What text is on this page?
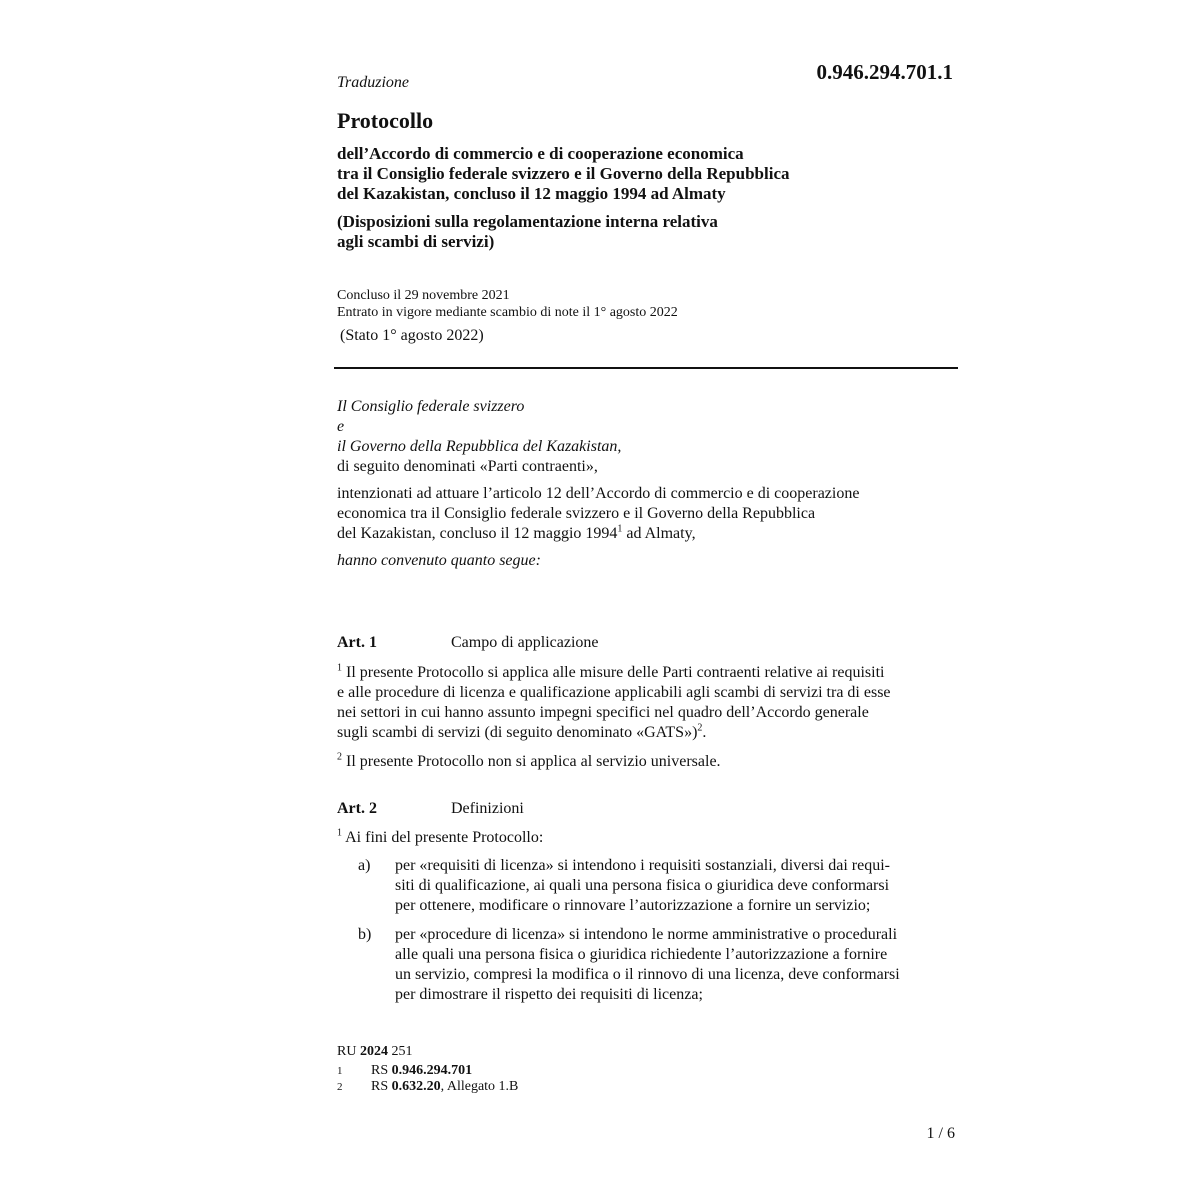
0.946.294.701.1
Traduzione
Protocollo
dell’Accordo di commercio e di cooperazione economica
tra il Consiglio federale svizzero e il Governo della Repubblica
del Kazakistan, concluso il 12 maggio 1994 ad Almaty
(Disposizioni sulla regolamentazione interna relativa
agli scambi di servizi)
Concluso il 29 novembre 2021
Entrato in vigore mediante scambio di note il 1° agosto 2022
(Stato 1° agosto 2022)
Il Consiglio federale svizzero
e
il Governo della Repubblica del Kazakistan,
di seguito denominati «Parti contraenti»,
intenzionati ad attuare l’articolo 12 dell’Accordo di commercio e di cooperazione
economica tra il Consiglio federale svizzero e il Governo della Repubblica
del Kazakistan, concluso il 12 maggio 1994$^1$ ad Almaty,
hanno convenuto quanto segue:
Art. 1	Campo di applicazione
$^1$ Il presente Protocollo si applica alle misure delle Parti contraenti relative ai requisiti
e alle procedure di licenza e qualificazione applicabili agli scambi di servizi tra di esse
nei settori in cui hanno assunto impegni specifici nel quadro dell’Accordo generale
sugli scambi di servizi (di seguito denominato «GATS»)$^2$.
$^2$ Il presente Protocollo non si applica al servizio universale.
Art. 2	Definizioni
$^1$ Ai fini del presente Protocollo:
a)	per «requisiti di licenza» si intendono i requisiti sostanziali, diversi dai requi-
siti di qualificazione, ai quali una persona fisica o giuridica deve conformarsi
per ottenere, modificare o rinnovare l’autorizzazione a fornire un servizio;
b)	per «procedure di licenza» si intendono le norme amministrative o procedurali
alle quali una persona fisica o giuridica richiedente l’autorizzazione a fornire
un servizio, compresi la modifica o il rinnovo di una licenza, deve conformarsi
per dimostrare il rispetto dei requisiti di licenza;
RU 2024 251
1	RS 0.946.294.701
2	RS 0.632.20, Allegato 1.B
1 / 6
